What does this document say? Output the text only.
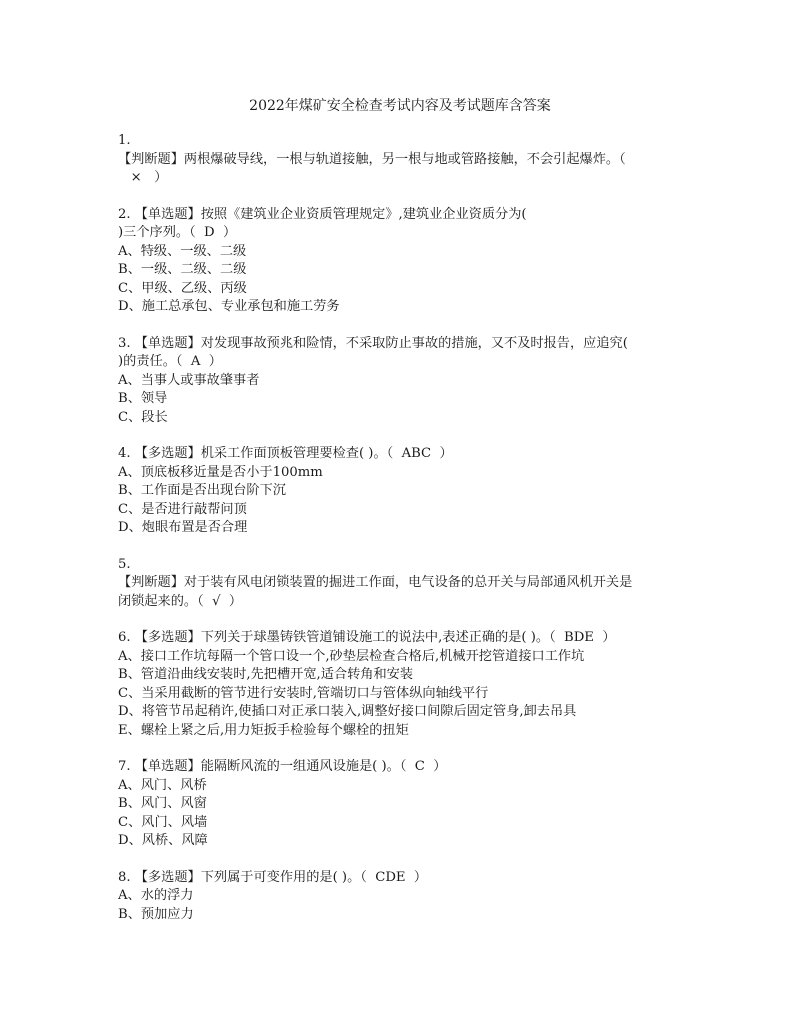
2022年煤矿安全检查考试内容及考试题库含答案
1.
【判断题】两根爆破导线，一根与轨道接触，另一根与地或管路接触，不会引起爆炸。（
×   ）
2. 【单选题】按照《建筑业企业资质管理规定》,建筑业企业资质分为(
)三个序列。（  D  ）
A、特级、一级、二级
B、一级、二级、二级
C、甲级、乙级、丙级
D、施工总承包、专业承包和施工劳务
3. 【单选题】对发现事故预兆和险情，不采取防止事故的措施，又不及时报告，应追究(
)的责任。（  A  ）
A、当事人或事故肇事者
B、领导
C、段长
4. 【多选题】机采工作面顶板管理要检查( )。（  ABC  ）
A、顶底板移近量是否小于100mm
B、工作面是否出现台阶下沉
C、是否进行敲帮问顶
D、炮眼布置是否合理
5.
【判断题】对于装有风电闭锁装置的掘进工作面，电气设备的总开关与局部通风机开关是
闭锁起来的。（  √  ）
6. 【多选题】下列关于球墨铸铁管道铺设施工的说法中,表述正确的是( )。（  BDE  ）
A、接口工作坑每隔一个管口设一个,砂垫层检查合格后,机械开挖管道接口工作坑
B、管道沿曲线安装时,先把槽开宽,适合转角和安装
C、当采用截断的管节进行安装时,管端切口与管体纵向轴线平行
D、将管节吊起稍许,使插口对正承口装入,调整好接口间隙后固定管身,卸去吊具
E、螺栓上紧之后,用力矩扳手检验每个螺栓的扭矩
7. 【单选题】能隔断风流的一组通风设施是( )。（  C  ）
A、风门、风桥
B、风门、风窗
C、风门、风墙
D、风桥、风障
8. 【多选题】下列属于可变作用的是( )。（  CDE  ）
A、水的浮力
B、预加应力
